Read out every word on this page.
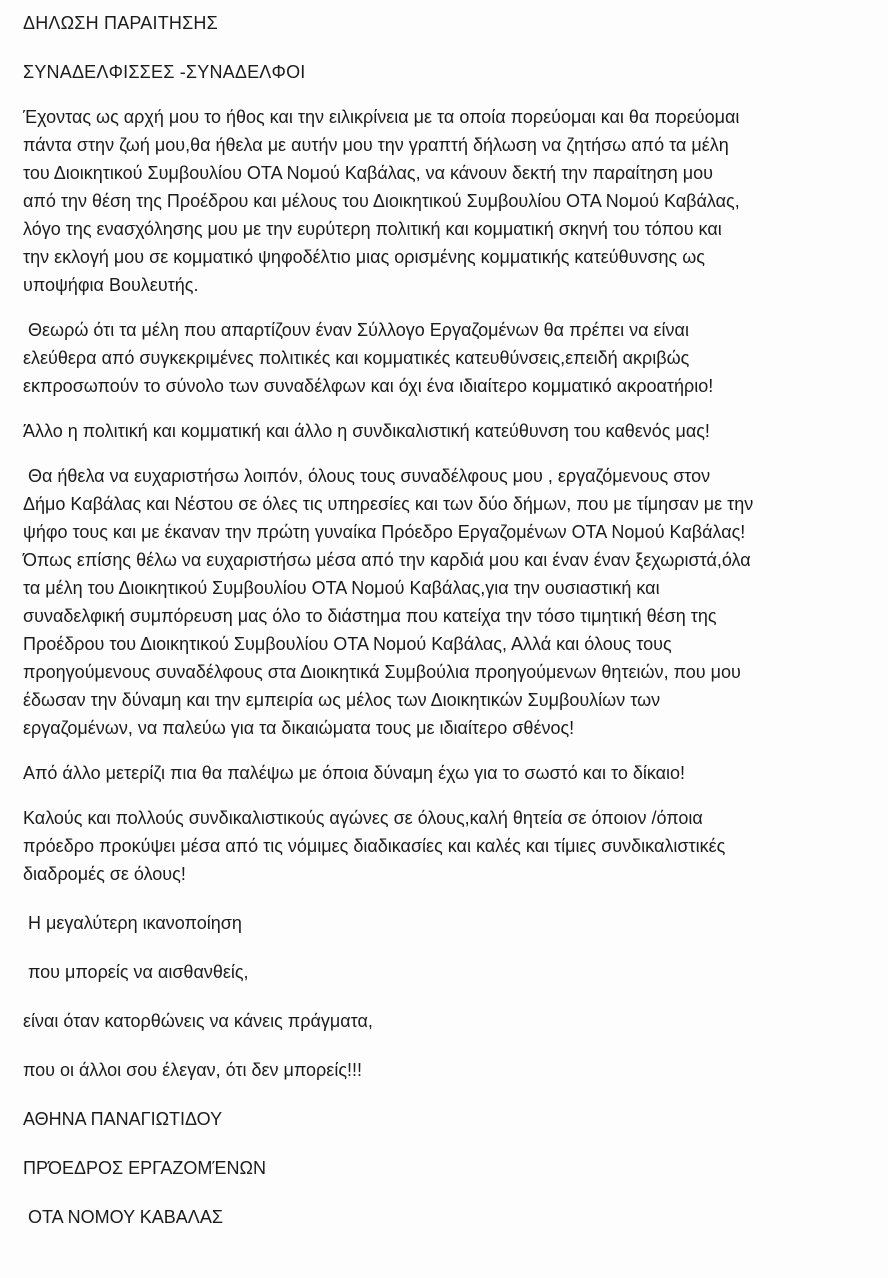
ΔΗΛΩΣΗ ΠΑΡΑΙΤΗΣΗΣ
ΣΥΝΑΔΕΛΦΙΣΣΕΣ -ΣΥΝΑΔΕΛΦΟΙ
Έχοντας ως αρχή μου το ήθος και την ειλικρίνεια με τα οποία πορεύομαι και θα πορεύομαι
πάντα στην ζωή μου,θα ήθελα με αυτήν μου την γραπτή δήλωση να ζητήσω από τα μέλη
του Διοικητικού Συμβουλίου ΟΤΑ Νομού Καβάλας, να κάνουν δεκτή την παραίτηση μου
από την θέση της Προέδρου και μέλους του Διοικητικού Συμβουλίου ΟΤΑ Νομού Καβάλας,
λόγο της ενασχόλησης μου με την ευρύτερη πολιτική και κομματική σκηνή του τόπου και
την εκλογή μου σε κομματικό ψηφοδέλτιο μιας ορισμένης κομματικής κατεύθυνσης ως
υποψήφια Βουλευτής.
Θεωρώ ότι τα μέλη που απαρτίζουν έναν Σύλλογο Εργαζομένων θα πρέπει να είναι
ελεύθερα από συγκεκριμένες πολιτικές και κομματικές κατευθύνσεις,επειδή ακριβώς
εκπροσωπούν το σύνολο των συναδέλφων και όχι ένα ιδιαίτερο κομματικό ακροατήριο!
Άλλο η πολιτική και κομματική και άλλο η συνδικαλιστική κατεύθυνση του καθενός μας!
Θα ήθελα να ευχαριστήσω λοιπόν, όλους τους συναδέλφους μου , εργαζόμενους στον
Δήμο Καβάλας και Νέστου σε όλες τις υπηρεσίες και των δύο δήμων, που με τίμησαν με την
ψήφο τους και με έκαναν την πρώτη γυναίκα Πρόεδρο Εργαζομένων ΟΤΑ Νομού Καβάλας!
Όπως επίσης θέλω να ευχαριστήσω μέσα από την καρδιά μου και έναν έναν ξεχωριστά,όλα
τα μέλη του Διοικητικού Συμβουλίου ΟΤΑ Νομού Καβάλας,για την ουσιαστική και
συναδελφική συμπόρευση μας όλο το διάστημα που κατείχα την τόσο τιμητική θέση της
Προέδρου του Διοικητικού Συμβουλίου ΟΤΑ Νομού Καβάλας, Αλλά και όλους τους
προηγούμενους συναδέλφους στα Διοικητικά Συμβούλια προηγούμενων θητειών, που μου
έδωσαν την δύναμη και την εμπειρία ως μέλος των Διοικητικών Συμβουλίων των
εργαζομένων, να παλεύω για τα δικαιώματα τους με ιδιαίτερο σθένος!
Από άλλο μετερίζι πια θα παλέψω με όποια δύναμη έχω για το σωστό και το δίκαιο!
Καλούς και πολλούς συνδικαλιστικούς αγώνες σε όλους,καλή θητεία σε όποιον /όποια
πρόεδρο προκύψει μέσα από τις νόμιμες διαδικασίες και καλές και τίμιες συνδικαλιστικές
διαδρομές σε όλους!
Η μεγαλύτερη ικανοποίηση
που μπορείς να αισθανθείς,
είναι όταν κατορθώνεις να κάνεις πράγματα,
που οι άλλοι σου έλεγαν, ότι δεν μπορείς!!!
ΑΘΗΝΑ ΠΑΝΑΓΙΩΤΙΔΟΥ
ΠΡΌΕΔΡΟΣ ΕΡΓΑΖΟΜΈΝΩΝ
ΟΤΑ ΝΟΜΟΥ ΚΑΒΑΛΑΣ
